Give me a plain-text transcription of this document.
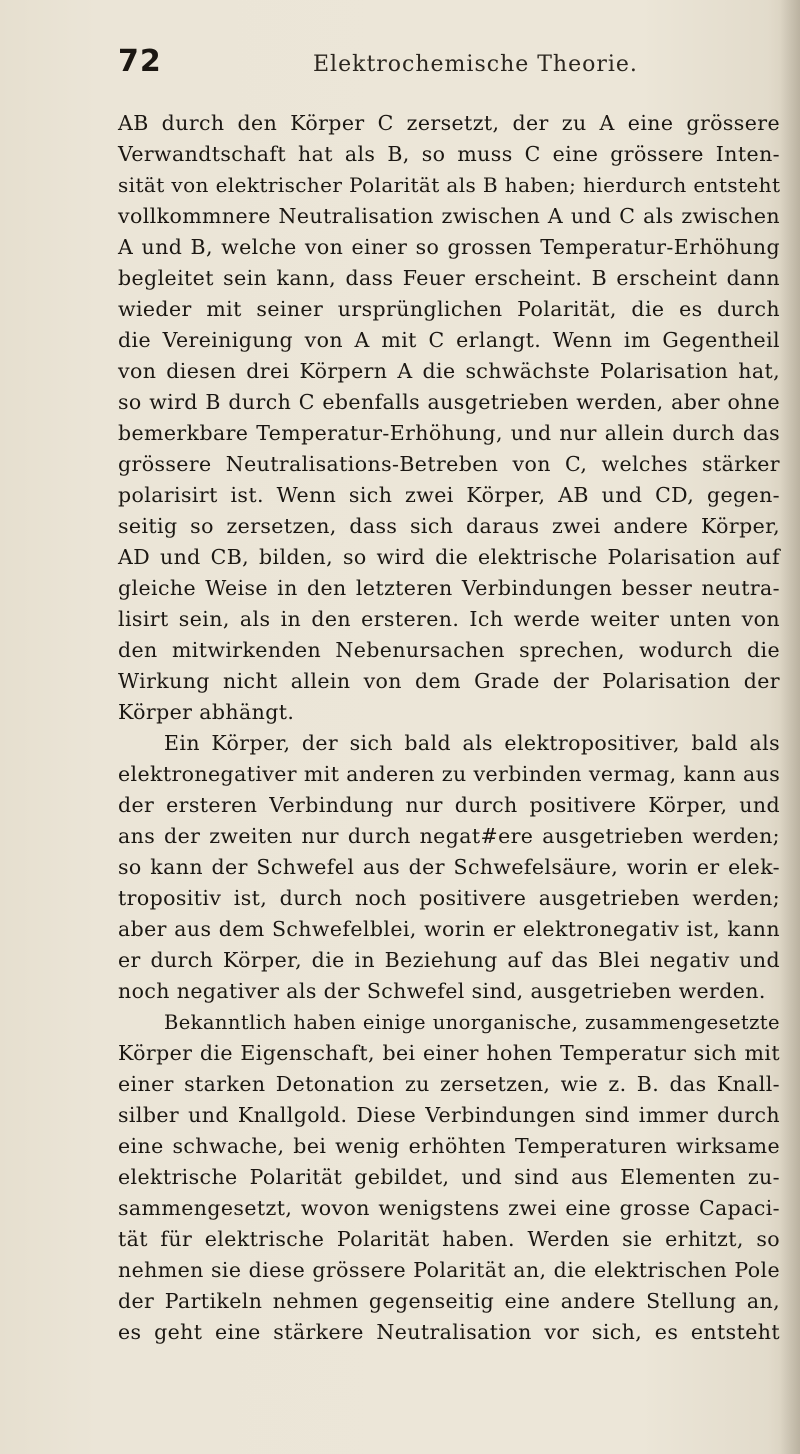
72	Elektrochemische Theorie.
AB durch den Körper C zersetzt, der zu A eine grössere
Verwandtschaft hat als B, so muss C eine grössere Inten-
sität von elektrischer Polarität als B haben; hierdurch entsteht
vollkommnere Neutralisation zwischen A und C als zwischen
A und B, welche von einer so grossen Temperatur-Erhöhung
begleitet sein kann, dass Feuer erscheint. B erscheint dann
wieder mit seiner ursprünglichen Polarität, die es durch
die Vereinigung von A mit C erlangt. Wenn im Gegentheil
von diesen drei Körpern A die schwächste Polarisation hat,
so wird B durch C ebenfalls ausgetrieben werden, aber ohne
bemerkbare Temperatur-Erhöhung, und nur allein durch das
grössere Neutralisations-Betreben von C, welches stärker
polarisirt ist. Wenn sich zwei Körper, AB und CD, gegen-
seitig so zersetzen, dass sich daraus zwei andere Körper,
AD und CB, bilden, so wird die elektrische Polarisation auf
gleiche Weise in den letzteren Verbindungen besser neutra-
lisirt sein, als in den ersteren. Ich werde weiter unten von
den mitwirkenden Nebenursachen sprechen, wodurch die
Wirkung nicht allein von dem Grade der Polarisation der
Körper abhängt.
Ein Körper, der sich bald als elektropositiver, bald als
elektronegativer mit anderen zu verbinden vermag, kann aus
der ersteren Verbindung nur durch positivere Körper, und
ans der zweiten nur durch negat#ere ausgetrieben werden;
so kann der Schwefel aus der Schwefelsäure, worin er elek-
tropositiv ist, durch noch positivere ausgetrieben werden;
aber aus dem Schwefelblei, worin er elektronegativ ist, kann
er durch Körper, die in Beziehung auf das Blei negativ und
noch negativer als der Schwefel sind, ausgetrieben werden.
Bekanntlich haben einige unorganische, zusammengesetzte
Körper die Eigenschaft, bei einer hohen Temperatur sich mit
einer starken Detonation zu zersetzen, wie z. B. das Knall-
silber und Knallgold. Diese Verbindungen sind immer durch
eine schwache, bei wenig erhöhten Temperaturen wirksame
elektrische Polarität gebildet, und sind aus Elementen zu-
sammengesetzt, wovon wenigstens zwei eine grosse Capaci-
tät für elektrische Polarität haben. Werden sie erhitzt, so
nehmen sie diese grössere Polarität an, die elektrischen Pole
der Partikeln nehmen gegenseitig eine andere Stellung an,
es geht eine stärkere Neutralisation vor sich, es entsteht
